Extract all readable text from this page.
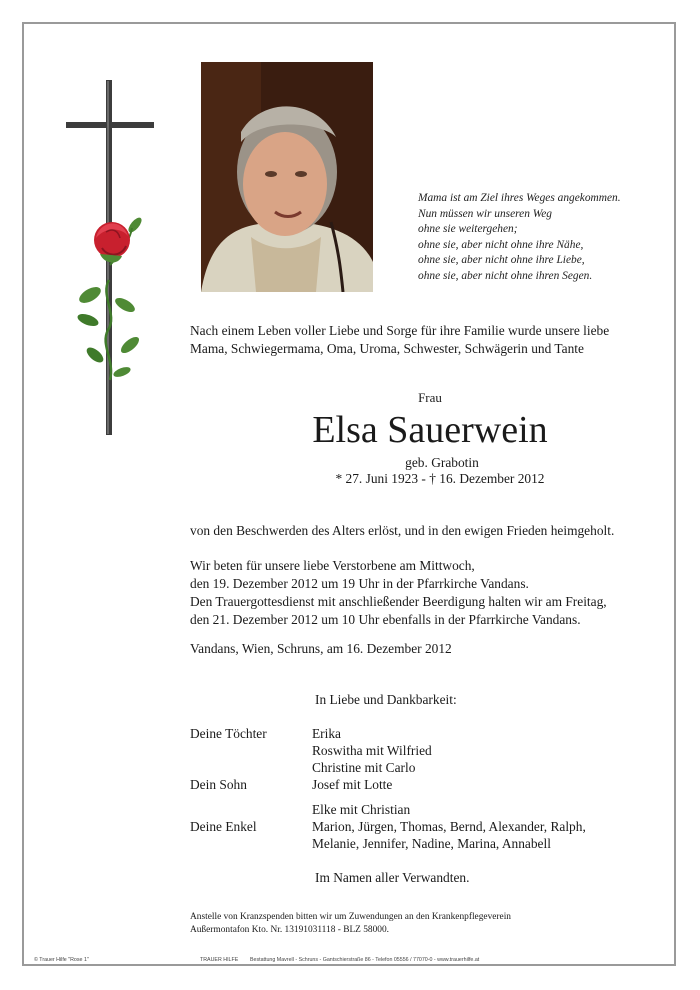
Mama ist am Ziel ihres Weges angekommen.
Nun müssen wir unseren Weg
ohne sie weitergehen;
ohne sie, aber nicht ohne ihre Nähe,
ohne sie, aber nicht ohne ihre Liebe,
ohne sie, aber nicht ohne ihren Segen.
Nach einem Leben voller Liebe und Sorge für ihre Familie wurde unsere liebe
Mama, Schwiegermama, Oma, Uroma, Schwester, Schwägerin und Tante
Frau
Elsa Sauerwein
geb. Grabotin
* 27. Juni 1923 - † 16. Dezember 2012
von den Beschwerden des Alters erlöst, und in den ewigen Frieden heimgeholt.
Wir beten für unsere liebe Verstorbene am Mittwoch,
den 19. Dezember 2012 um 19 Uhr in der Pfarrkirche Vandans.
Den Trauergottesdienst mit anschließender Beerdigung halten wir am Freitag,
den 21. Dezember 2012 um 10 Uhr ebenfalls in der Pfarrkirche Vandans.
Vandans, Wien, Schruns, am 16. Dezember 2012
In Liebe und Dankbarkeit:
Deine Töchter	Erika
Roswitha mit Wilfried
Christine mit Carlo
Dein Sohn	Josef mit Lotte
Elke mit Christian
Deine Enkel	Marion, Jürgen, Thomas, Bernd, Alexander, Ralph,
Melanie, Jennifer, Nadine, Marina, Annabell
Im Namen aller Verwandten.
Anstelle von Kranzspenden bitten wir um Zuwendungen an den Krankenpflegeverein
Außermontafon Kto. Nr. 13191031118 - BLZ 58000.
© Trauer Hilfe "Rose 1"	TRAUER HILFE Bestattung Mavrell - Schruns - Gantschierstraße 86 - Telefon 05556 / 77070-0 - www.trauerhilfe.at
